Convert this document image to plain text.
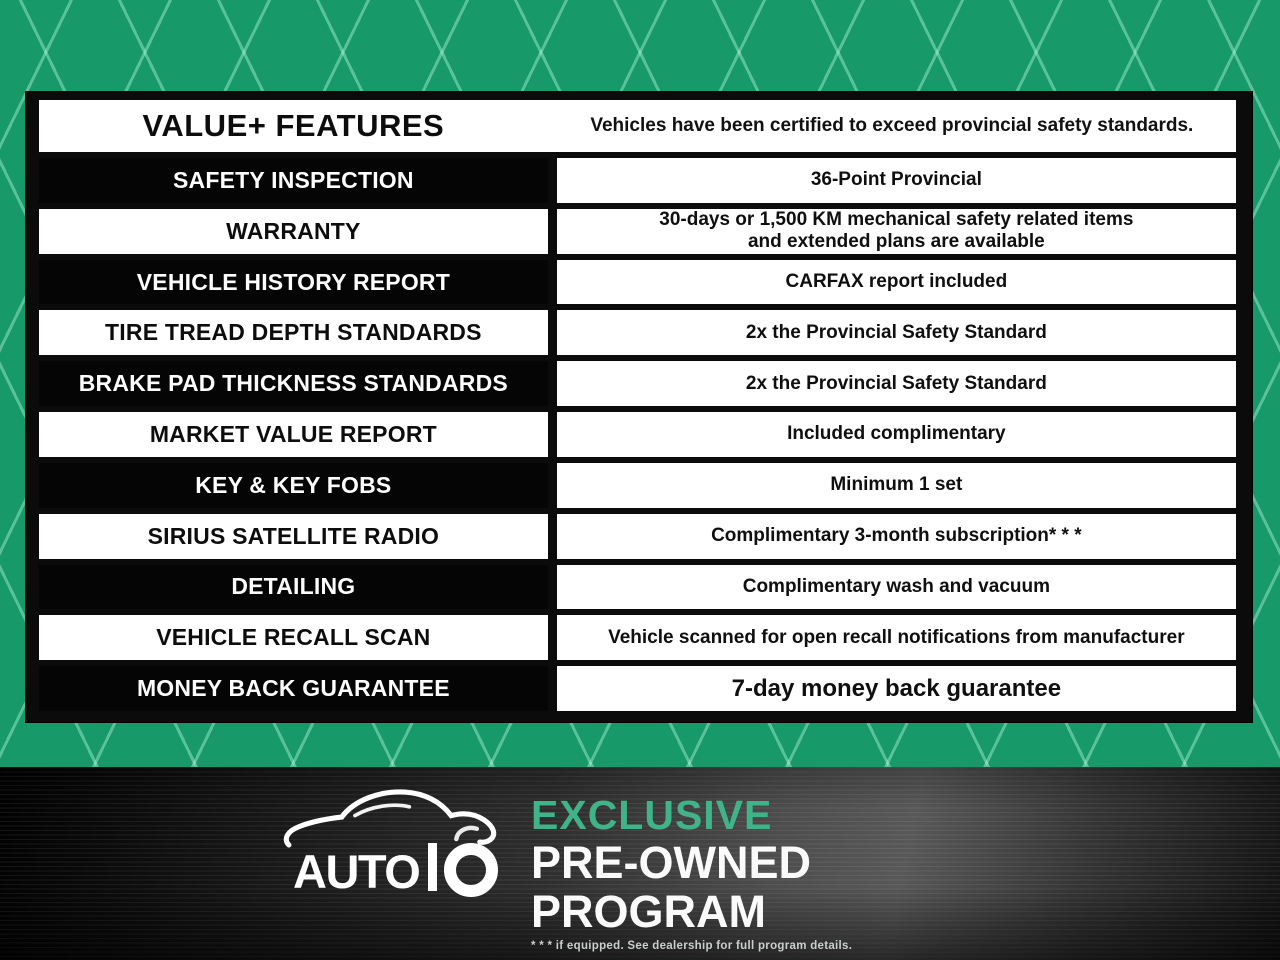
VALUE+ FEATURES	Vehicles have been certified to exceed provincial safety standards.
SAFETY INSPECTION	36-Point Provincial
WARRANTY	30-days or 1,500 KM mechanical safety related items and extended plans are available
VEHICLE HISTORY REPORT	CARFAX report included
TIRE TREAD DEPTH STANDARDS	2x the Provincial Safety Standard
BRAKE PAD THICKNESS STANDARDS	2x the Provincial Safety Standard
MARKET VALUE REPORT	Included complimentary
KEY & KEY FOBS	Minimum 1 set
SIRIUS SATELLITE RADIO	Complimentary 3-month subscription* * *
DETAILING	Complimentary wash and vacuum
VEHICLE RECALL SCAN	Vehicle scanned for open recall notifications from manufacturer
MONEY BACK GUARANTEE	7-day money back guarantee
AUTO
EXCLUSIVE
PRE-OWNED
PROGRAM
* * * if equipped. See dealership for full program details.
